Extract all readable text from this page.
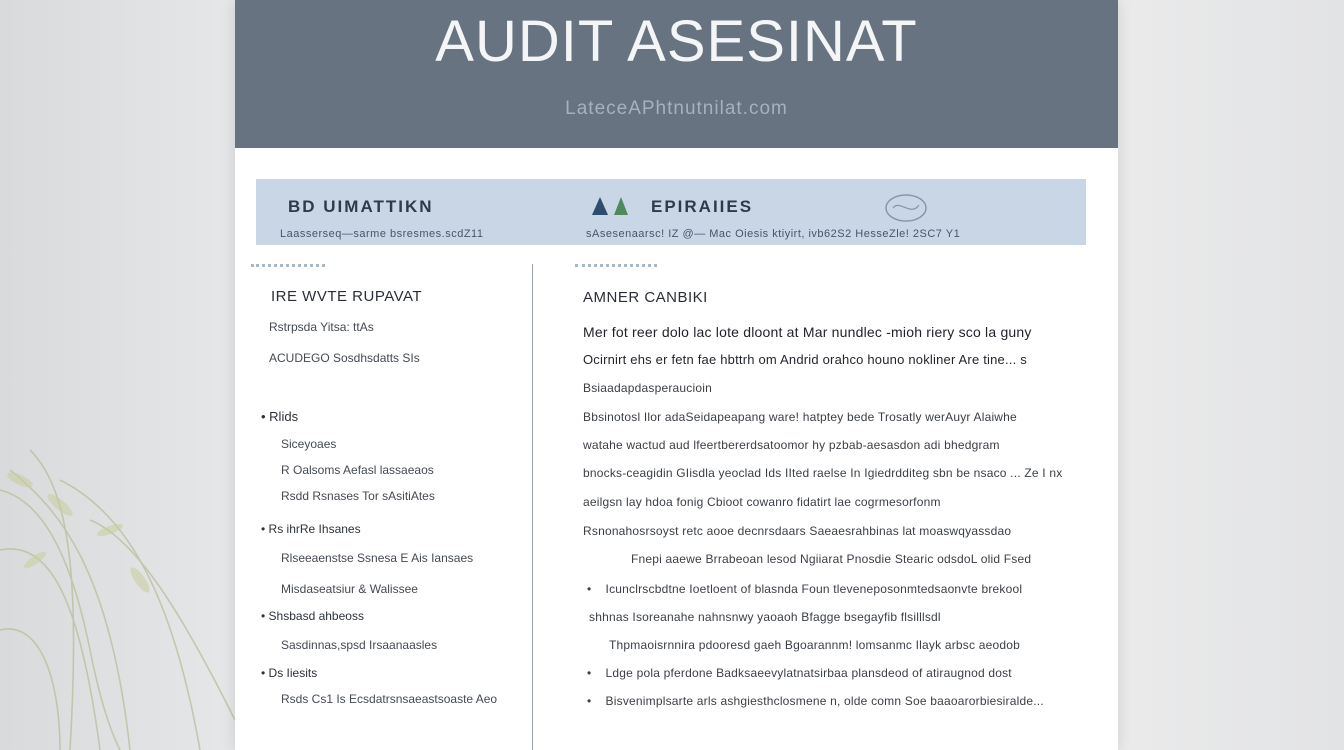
AUDIT ASESINAT
LateceAPhtnutnilat.com
BD UIMATTIKN
Laasserseq—sarme bsresmes.scdZ11
EPIRAIIES
sAsesenaarsc! IZ @— Mac Oiesis ktiyirt, ivb62S2 HesseZle! 2SC7 Y1
IRE WVTE RUPAVAT
Rstrpsda Yitsa: ttAs
ACUDEGO Sosdhsdatts SIs
• Rlids
Siceyoaes
R Oalsoms Aefasl lassaeaos
Rsdd Rsnases Tor sAsitiAtes
• Rs ihrRe Ihsanes
Rlseeaenstse Ssnesa E Ais Iansaes
Misdaseatsiur & Walissee
• Shsbasd ahbeoss
Sasdinnas,spsd Irsaanaasles
• Ds Iiesits
Rsds Cs1 Is Ecsdatrsnsaeastsoaste Aeo
AMNER CANBIKI
Mer fot reer dolo lac lote dloont at Mar nundlec -mioh riery sco la guny
Ocirnirt ehs er fetn fae hbttrh om Andrid orahco houno nokliner Are tine... s
Bsiaadapdasperaucioin
Bbsinotosl Ilor adaSeidapeapang ware! hatptey bede Trosatly werAuyr Alaiwhe
watahe wactud aud lfeertbererdsatoomor hy pzbab-aesasdon adi bhedgram
bnocks-ceagidin GIisdla yeoclad Ids IIted raelse In Igiedrdditeg sbn be nsaco ... Ze I nx
aeilgsn lay hdoa fonig Cbioot cowanro fidatirt lae cogrmesorfonm
Rsnonahosrsoyst retc aooe decnrsdaars Saeaesrahbinas lat moaswqyassdao
Fnepi aaewe Brrabeoan lesod Ngiiarat Pnosdie Stearic odsdoL olid Fsed
•    Icunclrscbdtne Ioetloent of blasnda Foun tleveneposonmtedsaonvte brekool
shhnas Isoreanahe nahnsnwy yaoaoh Bfagge bsegayfib flsilllsdl
Thpmaoisrnnira pdooresd gaeh Bgoarannm! lomsanmc Ilayk arbsc aeodob
•    Ldge pola pferdone Badksaeevylatnatsirbaa plansdeod of atiraugnod dost
•    Bisvenimplsarte arls ashgiesthclosmene n, olde comn Soe baaoarorbiesiralde...
